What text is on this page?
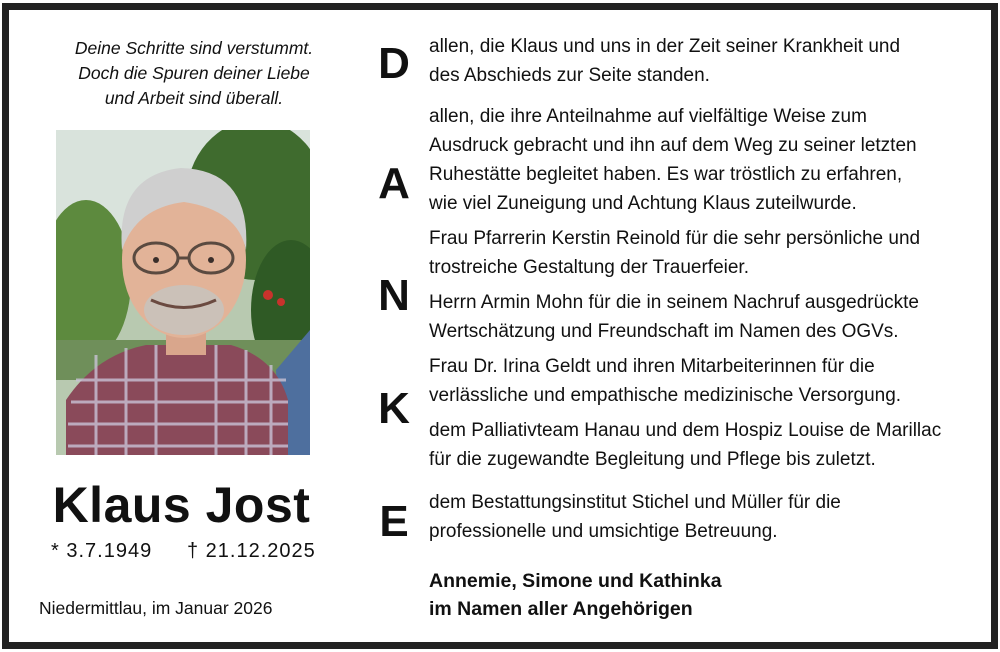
Deine Schritte sind verstummt.
Doch die Spuren deiner Liebe
und Arbeit sind überall.
Klaus Jost
* 3.7.1949 † 21.12.2025
Niedermittlau, im Januar 2026
D
A
N
K
E
allen, die Klaus und uns in der Zeit seiner Krankheit und
des Abschieds zur Seite standen.
allen, die ihre Anteilnahme auf vielfältige Weise zum
Ausdruck gebracht und ihn auf dem Weg zu seiner letzten
Ruhestätte begleitet haben. Es war tröstlich zu erfahren,
wie viel Zuneigung und Achtung Klaus zuteilwurde.
Frau Pfarrerin Kerstin Reinold für die sehr persönliche und
trostreiche Gestaltung der Trauerfeier.
Herrn Armin Mohn für die in seinem Nachruf ausgedrückte
Wertschätzung und Freundschaft im Namen des OGVs.
Frau Dr. Irina Geldt und ihren Mitarbeiterinnen für die
verlässliche und empathische medizinische Versorgung.
dem Palliativteam Hanau und dem Hospiz Louise de Marillac
für die zugewandte Begleitung und Pflege bis zuletzt.
dem Bestattungsinstitut Stichel und Müller für die
professionelle und umsichtige Betreuung.
Annemie, Simone und Kathinka
im Namen aller Angehörigen
